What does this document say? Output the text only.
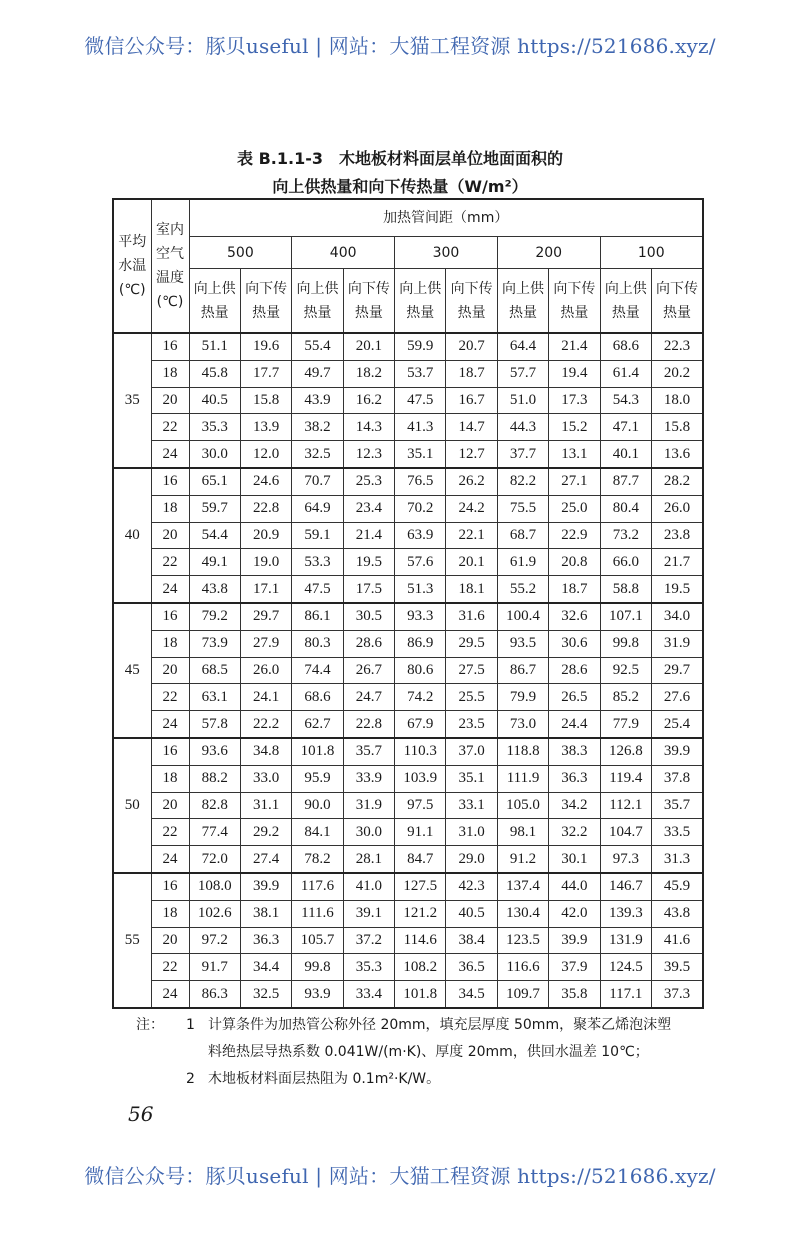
微信公众号：豚贝useful | 网站：大猫工程资源 https://521686.xyz/
表 B.1.1-3　木地板材料面层单位地面面积的
向上供热量和向下传热量（W/m²）
平均水温(℃)	室内空气温度(℃)	加热管间距（mm）									
		500		400		300		200		100	
		向上供热量	向下传热量	向上供热量	向下传热量	向上供热量	向下传热量	向上供热量	向下传热量	向上供热量	向下传热量
35	16	51.1	19.6	55.4	20.1	59.9	20.7	64.4	21.4	68.6	22.3
	18	45.8	17.7	49.7	18.2	53.7	18.7	57.7	19.4	61.4	20.2
	20	40.5	15.8	43.9	16.2	47.5	16.7	51.0	17.3	54.3	18.0
	22	35.3	13.9	38.2	14.3	41.3	14.7	44.3	15.2	47.1	15.8
	24	30.0	12.0	32.5	12.3	35.1	12.7	37.7	13.1	40.1	13.6
40	16	65.1	24.6	70.7	25.3	76.5	26.2	82.2	27.1	87.7	28.2
	18	59.7	22.8	64.9	23.4	70.2	24.2	75.5	25.0	80.4	26.0
	20	54.4	20.9	59.1	21.4	63.9	22.1	68.7	22.9	73.2	23.8
	22	49.1	19.0	53.3	19.5	57.6	20.1	61.9	20.8	66.0	21.7
	24	43.8	17.1	47.5	17.5	51.3	18.1	55.2	18.7	58.8	19.5
45	16	79.2	29.7	86.1	30.5	93.3	31.6	100.4	32.6	107.1	34.0
	18	73.9	27.9	80.3	28.6	86.9	29.5	93.5	30.6	99.8	31.9
	20	68.5	26.0	74.4	26.7	80.6	27.5	86.7	28.6	92.5	29.7
	22	63.1	24.1	68.6	24.7	74.2	25.5	79.9	26.5	85.2	27.6
	24	57.8	22.2	62.7	22.8	67.9	23.5	73.0	24.4	77.9	25.4
50	16	93.6	34.8	101.8	35.7	110.3	37.0	118.8	38.3	126.8	39.9
	18	88.2	33.0	95.9	33.9	103.9	35.1	111.9	36.3	119.4	37.8
	20	82.8	31.1	90.0	31.9	97.5	33.1	105.0	34.2	112.1	35.7
	22	77.4	29.2	84.1	30.0	91.1	31.0	98.1	32.2	104.7	33.5
	24	72.0	27.4	78.2	28.1	84.7	29.0	91.2	30.1	97.3	31.3
55	16	108.0	39.9	117.6	41.0	127.5	42.3	137.4	44.0	146.7	45.9
	18	102.6	38.1	111.6	39.1	121.2	40.5	130.4	42.0	139.3	43.8
	20	97.2	36.3	105.7	37.2	114.6	38.4	123.5	39.9	131.9	41.6
	22	91.7	34.4	99.8	35.3	108.2	36.5	116.6	37.9	124.5	39.5
	24	86.3	32.5	93.9	33.4	101.8	34.5	109.7	35.8	117.1	37.3
注：	1 计算条件为加热管公称外径 20mm，填充层厚度 50mm，聚苯乙烯泡沫塑
料绝热层导热系数 0.041W/(m·K)、厚度 20mm，供回水温差 10℃；
2 木地板材料面层热阻为 0.1m²·K/W。
56
微信公众号：豚贝useful | 网站：大猫工程资源 https://521686.xyz/
